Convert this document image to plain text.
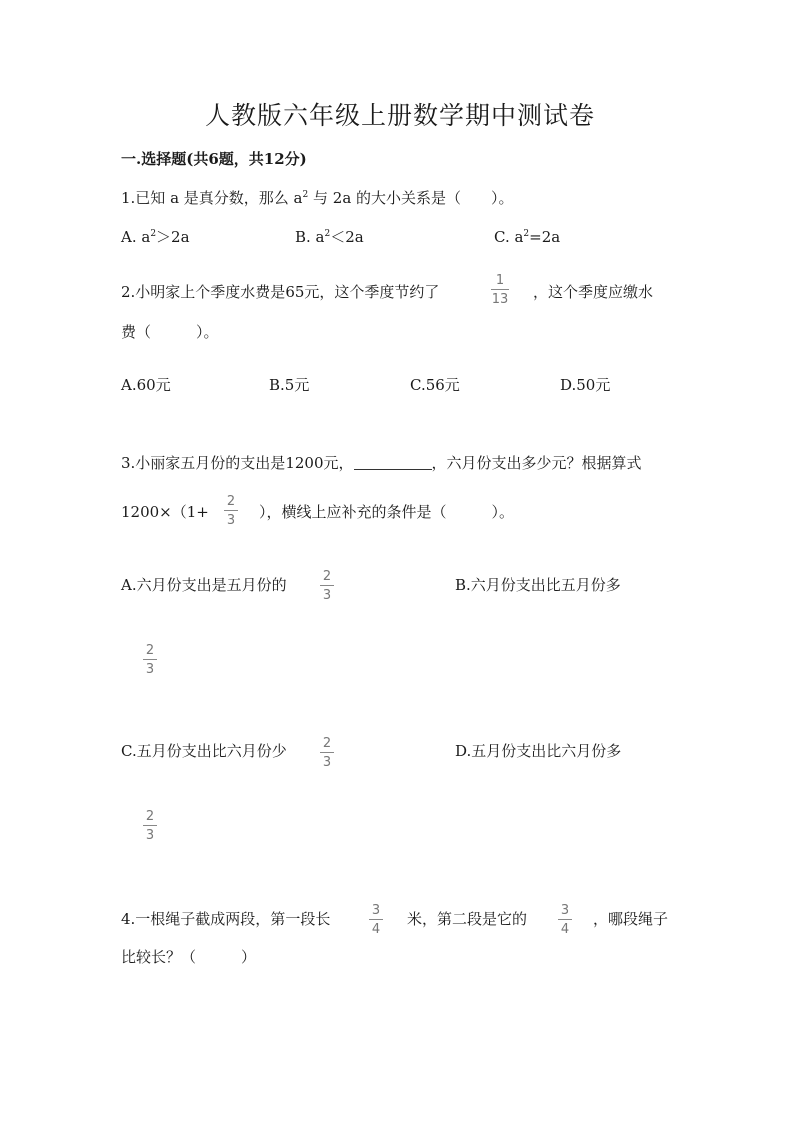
人教版六年级上册数学期中测试卷
一.选择题(共6题，共12分)
1.已知 a 是真分数，那么 $a^2$ 与 2a 的大小关系是（　　）。
A. $a^2>2a$	B. $a^2<2a$	C. $a^2=2a$
2.小明家上个季度水费是65元，这个季度节约了
1
13 ，这个季度应缴水
费（　　　）。
A.60元	B.5元	C.56元	D.50元
3.小丽家五月份的支出是1200元，	，六月份支出多少元？根据算式
1200×（1+
2
3 ），横线上应补充的条件是（　　　）。
A.六月份支出是五月份的	2
3
B.六月份支出比五月份多
2
3
C.五月份支出比六月份少	2
3
D.五月份支出比六月份多
2
3
4.一根绳子截成两段，第一段长	3
4
米，第二段是它的	3
4
，哪段绳子
比较长？（　　　）
